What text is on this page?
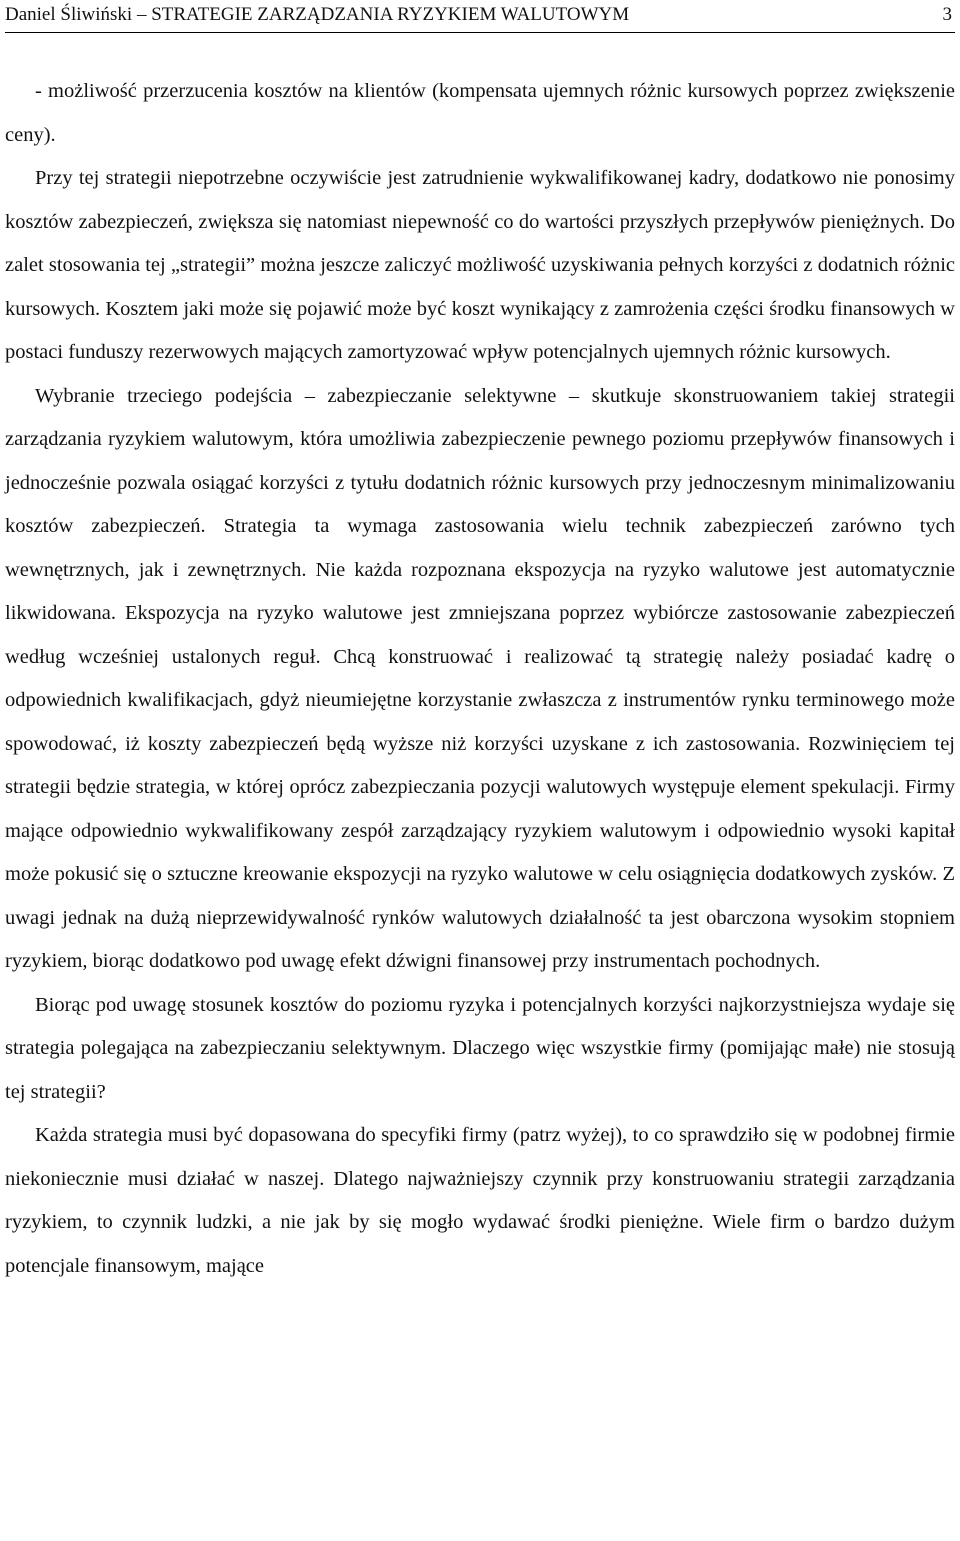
Daniel Śliwiński – STRATEGIE ZARZĄDZANIA RYZYKIEM WALUTOWYM	3

- możliwość przerzucenia kosztów na klientów (kompensata ujemnych różnic kursowych poprzez zwiększenie ceny).

Przy tej strategii niepotrzebne oczywiście jest zatrudnienie wykwalifikowanej kadry, dodatkowo nie ponosimy kosztów zabezpieczeń, zwiększa się natomiast niepewność co do wartości przyszłych przepływów pieniężnych. Do zalet stosowania tej „strategii” można jeszcze zaliczyć możliwość uzyskiwania pełnych korzyści z dodatnich różnic kursowych. Kosztem jaki może się pojawić może być koszt wynikający z zamrożenia części środku finansowych w postaci funduszy rezerwowych mających zamortyzować wpływ potencjalnych ujemnych różnic kursowych.

Wybranie trzeciego podejścia – zabezpieczanie selektywne – skutkuje skonstruowaniem takiej strategii zarządzania ryzykiem walutowym, która umożliwia zabezpieczenie pewnego poziomu przepływów finansowych i jednocześnie pozwala osiągać korzyści z tytułu dodatnich różnic kursowych przy jednoczesnym minimalizowaniu kosztów zabezpieczeń. Strategia ta wymaga zastosowania wielu technik zabezpieczeń zarówno tych wewnętrznych, jak i zewnętrznych. Nie każda rozpoznana ekspozycja na ryzyko walutowe jest automatycznie likwidowana. Ekspozycja na ryzyko walutowe jest zmniejszana poprzez wybiórcze zastosowanie zabezpieczeń według wcześniej ustalonych reguł. Chcą konstruować i realizować tą strategię należy posiadać kadrę o odpowiednich kwalifikacjach, gdyż nieumiejętne korzystanie zwłaszcza z instrumentów rynku terminowego może spowodować, iż koszty zabezpieczeń będą wyższe niż korzyści uzyskane z ich zastosowania. Rozwinięciem tej strategii będzie strategia, w której oprócz zabezpieczania pozycji walutowych występuje element spekulacji. Firmy mające odpowiednio wykwalifikowany zespół zarządzający ryzykiem walutowym i odpowiednio wysoki kapitał może pokusić się o sztuczne kreowanie ekspozycji na ryzyko walutowe w celu osiągnięcia dodatkowych zysków. Z uwagi jednak na dużą nieprzewidywalność rynków walutowych działalność ta jest obarczona wysokim stopniem ryzykiem, biorąc dodatkowo pod uwagę efekt dźwigni finansowej przy instrumentach pochodnych.

Biorąc pod uwagę stosunek kosztów do poziomu ryzyka i potencjalnych korzyści najkorzystniejsza wydaje się strategia polegająca na zabezpieczaniu selektywnym. Dlaczego więc wszystkie firmy (pomijając małe) nie stosują tej strategii?

Każda strategia musi być dopasowana do specyfiki firmy (patrz wyżej), to co sprawdziło się w podobnej firmie niekoniecznie musi działać w naszej. Dlatego najważniejszy czynnik przy konstruowaniu strategii zarządzania ryzykiem, to czynnik ludzki, a nie jak by się mogło wydawać środki pieniężne. Wiele firm o bardzo dużym potencjale finansowym, mające
